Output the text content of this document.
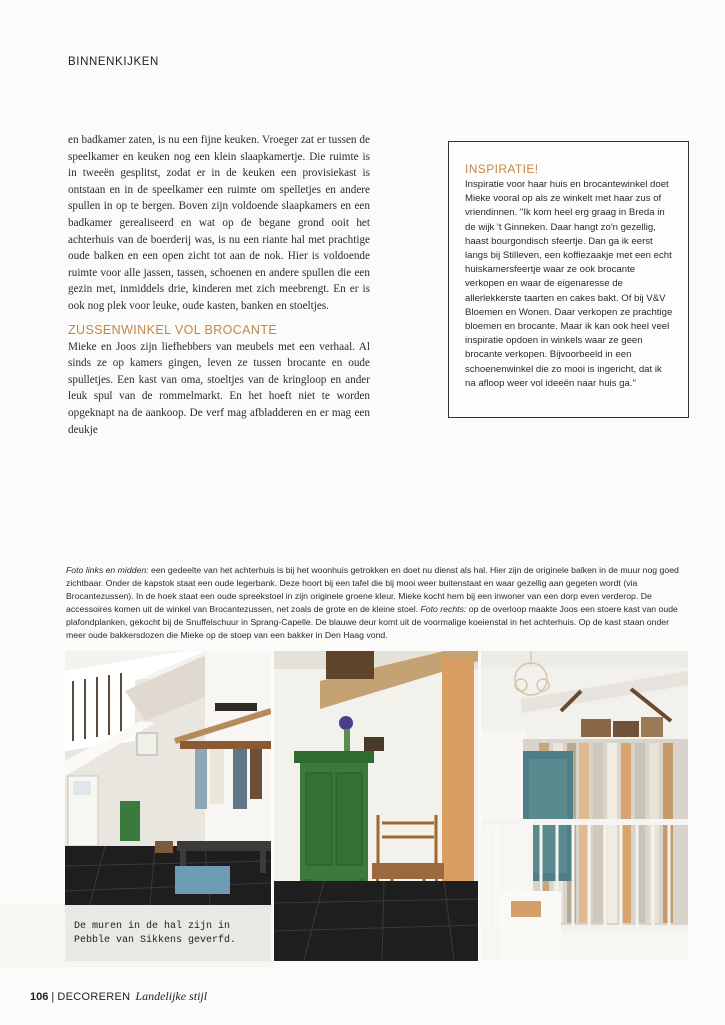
BINNENKIJKEN

en badkamer zaten, is nu een fijne keuken. Vroeger zat er tussen de speelkamer en keuken nog een klein slaapkamertje. Die ruimte is in tweeën gesplitst, zodat er in de keuken een provisiekast is ontstaan en in de speelkamer een ruimte om spelletjes en andere spullen in op te bergen. Boven zijn voldoende slaapkamers en een badkamer gerealiseerd en wat op de begane grond ooit het achterhuis van de boerderij was, is nu een riante hal met prachtige oude balken en een open zicht tot aan de nok. Hier is voldoende ruimte voor alle jassen, tassen, schoenen en andere spullen die een gezin met, inmiddels drie, kinderen met zich meebrengt. En er is ook nog plek voor leuke, oude kasten, banken en stoeltjes.

ZUSSENWINKEL VOL BROCANTE

Mieke en Joos zijn liefhebbers van meubels met een verhaal. Al sinds ze op kamers gingen, leven ze tussen brocante en oude spulletjes. Een kast van oma, stoeltjes van de kringloop en ander leuk spul van de rommelmarkt. En het hoeft niet te worden opgeknapt na de aankoop. De verf mag afbladderen en er mag een deukje

INSPIRATIE!
Inspiratie voor haar huis en brocantewinkel doet Mieke vooral op als ze winkelt met haar zus of vriendinnen. "Ik kom heel erg graag in Breda in de wijk 't Ginneken. Daar hangt zo'n gezellig, haast bourgondisch sfeertje. Dan ga ik eerst langs bij Stilleven, een koffiezaakje met een echt huiskamersfeertje waar ze ook brocante verkopen en waar de eigenaresse de allerlekkerste taarten en cakes bakt. Of bij V&V Bloemen en Wonen. Daar verkopen ze prachtige bloemen en brocante. Maar ik kan ook heel veel inspiratie opdoen in winkels waar ze geen brocante verkopen. Bijvoorbeeld in een schoenenwinkel die zo mooi is ingericht, dat ik na afloop weer vol ideeën naar huis ga."
Foto links en midden: een gedeelte van het achterhuis is bij het woonhuis getrokken en doet nu dienst als hal. Hier zijn de originele balken in de muur nog goed zichtbaar. Onder de kapstok staat een oude legerbank. Deze hoort bij een tafel die bij mooi weer buitenstaat en waar gezellig aan gegeten wordt (via Brocantezussen). In de hoek staat een oude spreekstoel in zijn originele groene kleur. Mieke kocht hem bij een inwoner van een dorp even verderop. De accessoires komen uit de winkel van Brocantezussen, net zoals de grote en de kleine stoel. Foto rechts: op de overloop maakte Joos een stoere kast van oude plafondplanken, gekocht bij de Snuffelschuur in Sprang-Capelle. De blauwe deur komt uit de voormalige koeienstal in het achterhuis. Op de kast staan onder meer oude bakkersdozen die Mieke op de stoep van een bakker in Den Haag vond.
De muren in de hal zijn in
Pebble van Sikkens geverfd.
106 | DECOREREN Landelijke stijl
